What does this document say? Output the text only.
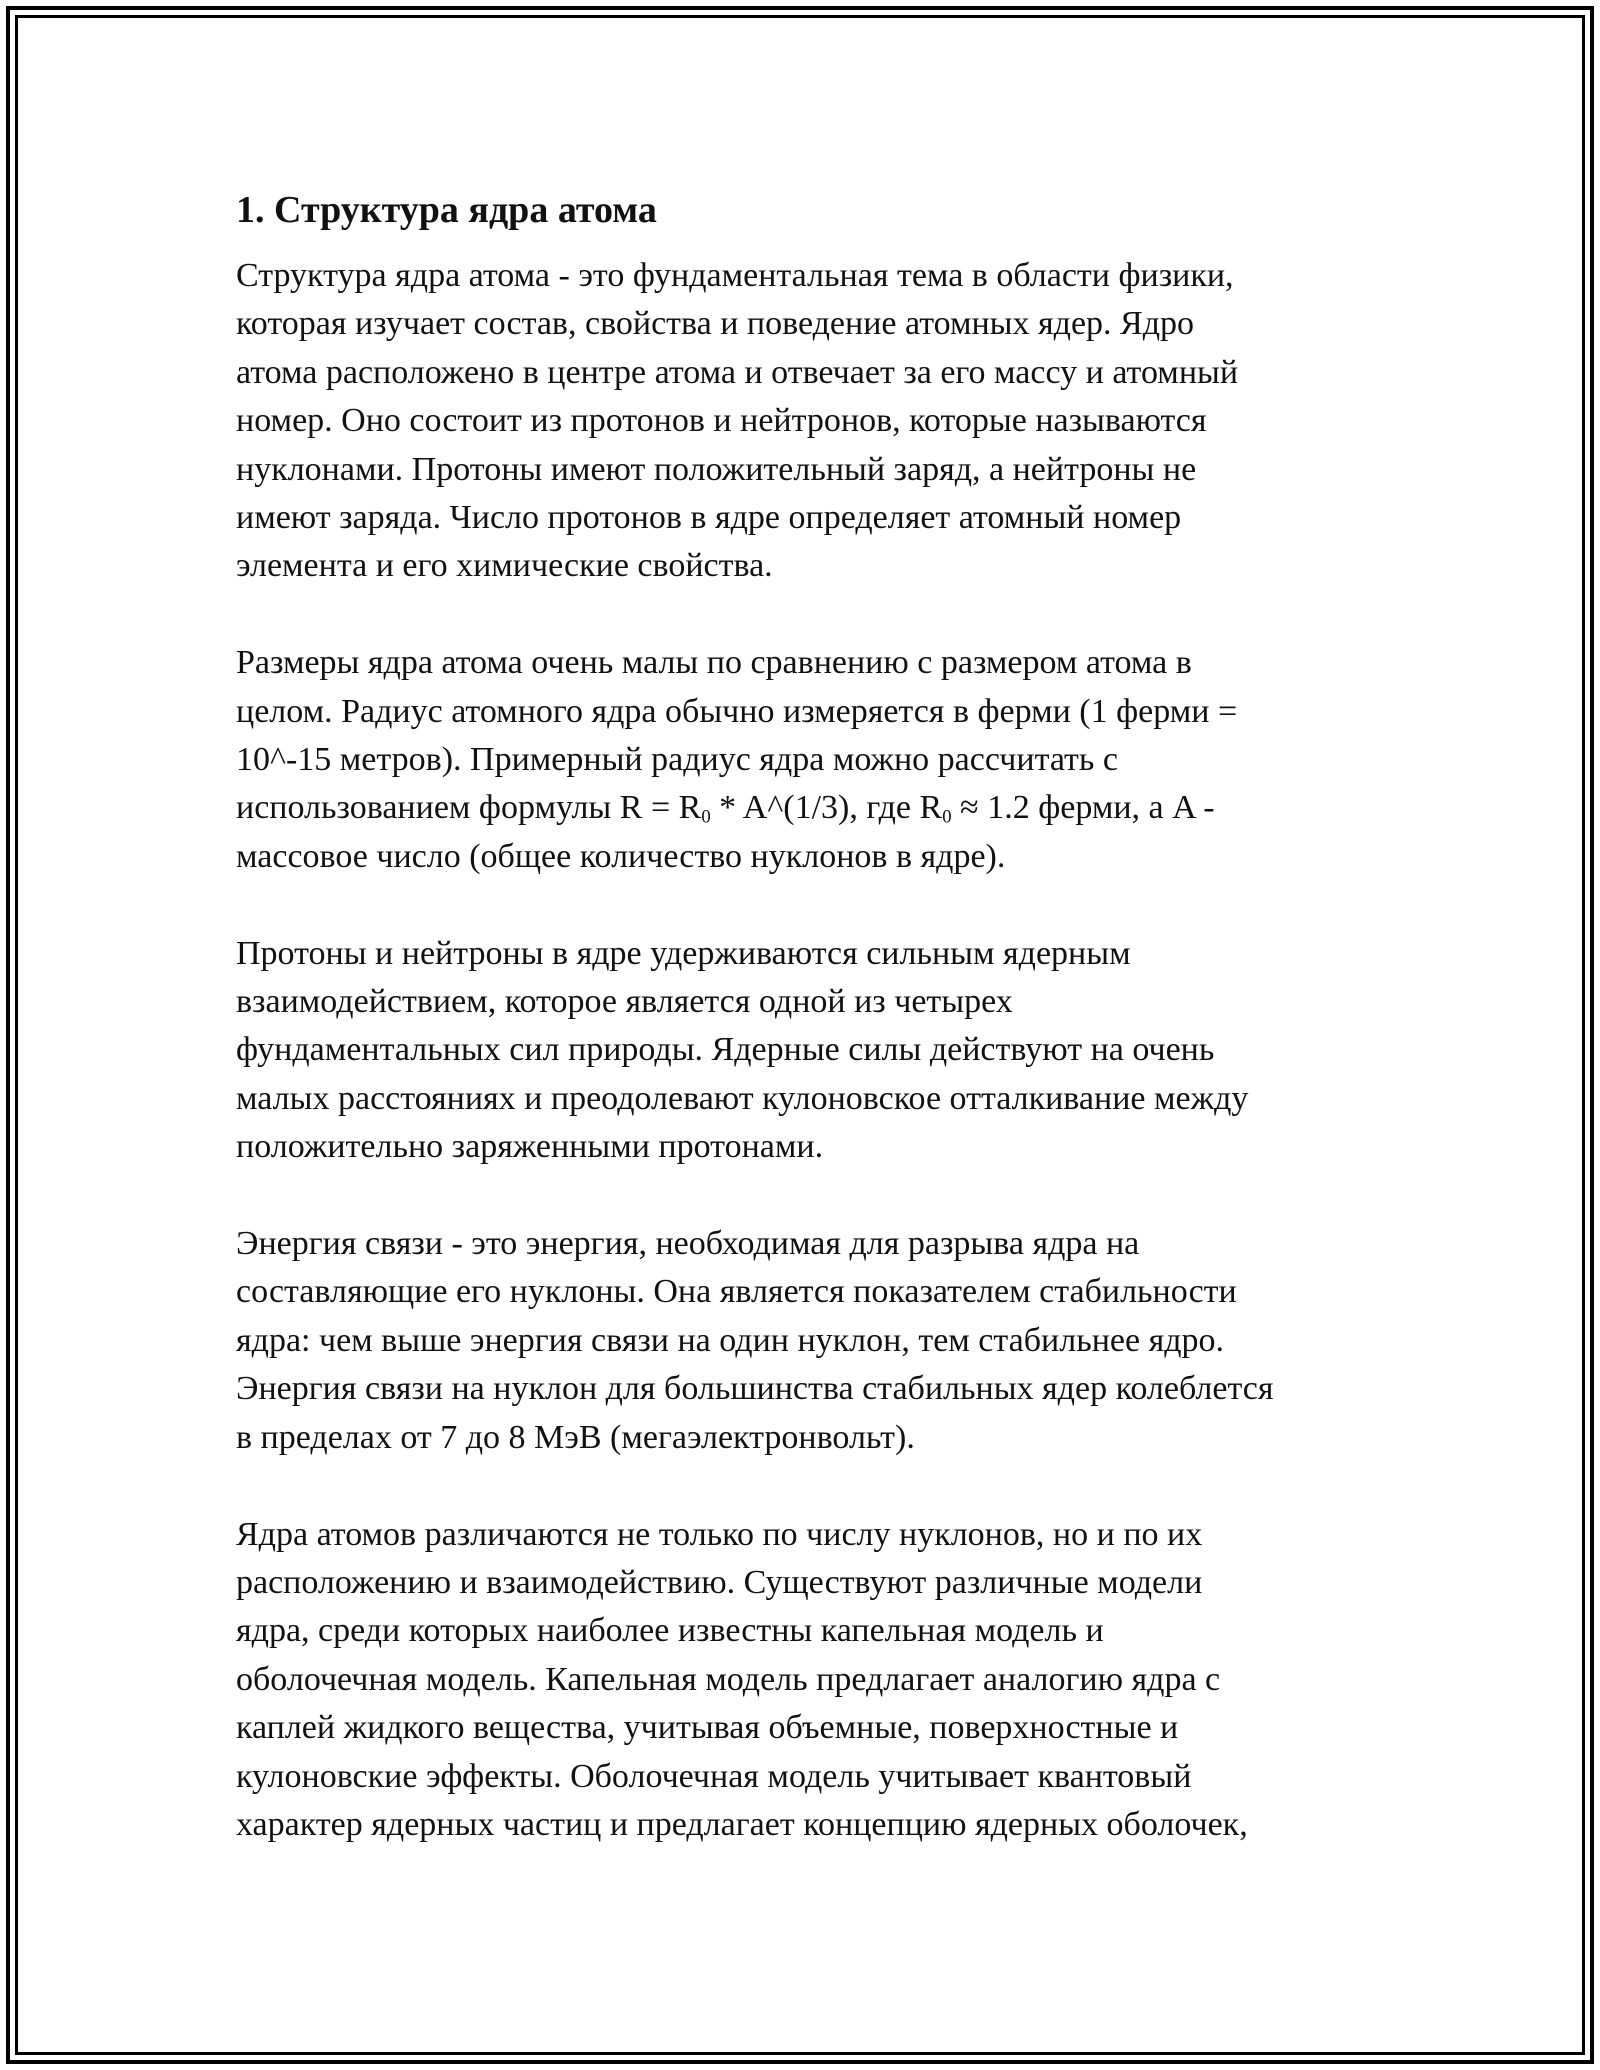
1. Структура ядра атома

Структура ядра атома - это фундаментальная тема в области физики,
которая изучает состав, свойства и поведение атомных ядер. Ядро
атома расположено в центре атома и отвечает за его массу и атомный
номер. Оно состоит из протонов и нейтронов, которые называются
нуклонами. Протоны имеют положительный заряд, а нейтроны не
имеют заряда. Число протонов в ядре определяет атомный номер
элемента и его химические свойства.

Размеры ядра атома очень малы по сравнению с размером атома в
целом. Радиус атомного ядра обычно измеряется в ферми (1 ферми =
10^-15 метров). Примерный радиус ядра можно рассчитать с
использованием формулы $R = R_0$ * A^(1/3), где $R_0 \approx 1.2$ ферми, а A -
массовое число (общее количество нуклонов в ядре).

Протоны и нейтроны в ядре удерживаются сильным ядерным
взаимодействием, которое является одной из четырех
фундаментальных сил природы. Ядерные силы действуют на очень
малых расстояниях и преодолевают кулоновское отталкивание между
положительно заряженными протонами.

Энергия связи - это энергия, необходимая для разрыва ядра на
составляющие его нуклоны. Она является показателем стабильности
ядра: чем выше энергия связи на один нуклон, тем стабильнее ядро.
Энергия связи на нуклон для большинства стабильных ядер колеблется
в пределах от 7 до 8 МэВ (мегаэлектронвольт).

Ядра атомов различаются не только по числу нуклонов, но и по их
расположению и взаимодействию. Существуют различные модели
ядра, среди которых наиболее известны капельная модель и
оболочечная модель. Капельная модель предлагает аналогию ядра с
каплей жидкого вещества, учитывая объемные, поверхностные и
кулоновские эффекты. Оболочечная модель учитывает квантовый
характер ядерных частиц и предлагает концепцию ядерных оболочек,
